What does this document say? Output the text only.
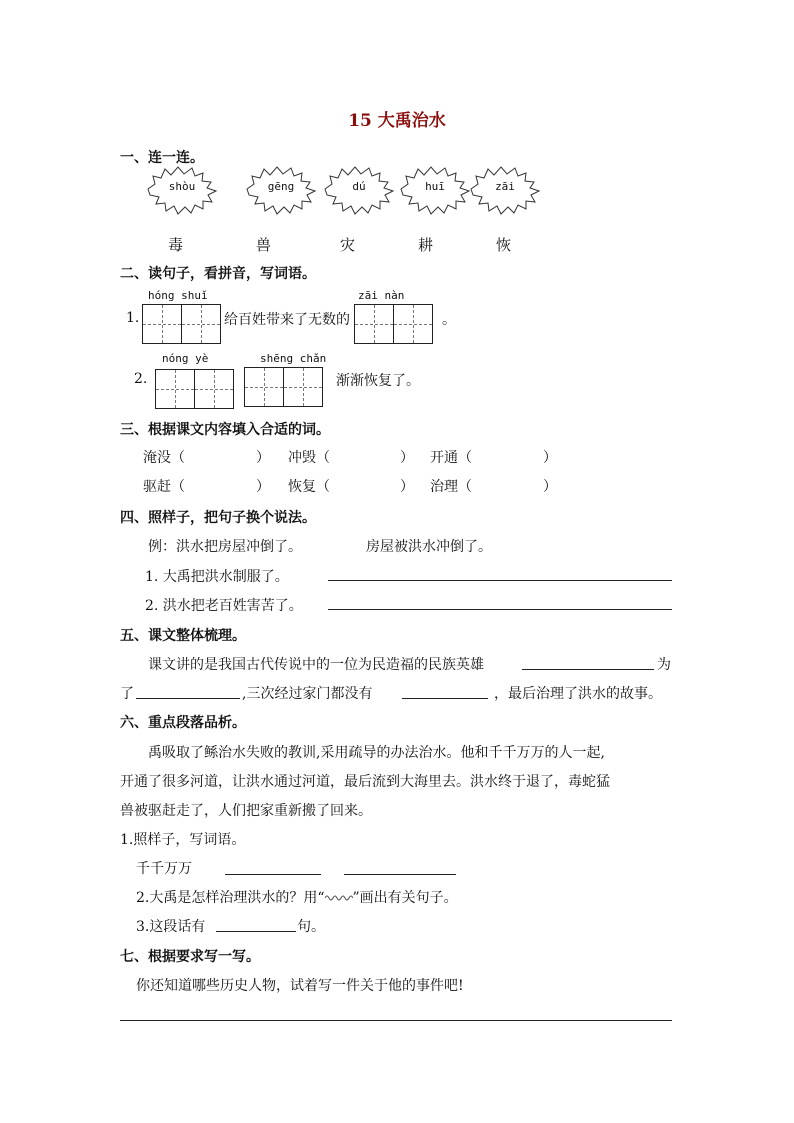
15 大禹治水
一、连一连。
shòu	gēng	dú	huī	zāi
毒	兽	灾	耕	恢
二、读句子，看拼音，写词语。
hóng shuǐ
1.	给百姓带来了无数的
zāi nàn
。
nóng yè
2.
shēng chǎn
渐渐恢复了。
三、根据课文内容填入合适的词。
淹没（	） 冲毁（	） 开通（	）
驱赶（	） 恢复（	） 治理（	）
四、照样子，把句子换个说法。
例：洪水把房屋冲倒了。	房屋被洪水冲倒了。
1. 大禹把洪水制服了。
2. 洪水把老百姓害苦了。
五、课文整体梳理。
课文讲的是我国古代传说中的一位为民造福的民族英雄	为
了	,三次经过家门都没有	，最后治理了洪水的故事。
六、重点段落品析。
禹吸取了鲧治水失败的教训,采用疏导的办法治水。他和千千万万的人一起,
开通了很多河道，让洪水通过河道，最后流到大海里去。洪水终于退了，毒蛇猛
兽被驱赶走了，人们把家重新搬了回来。
1.照样子，写词语。
千千万万
2.大禹是怎样治理洪水的？用“ ”画出有关句子。
3.这段话有	句。
七、根据要求写一写。
你还知道哪些历史人物，试着写一件关于他的事件吧!
